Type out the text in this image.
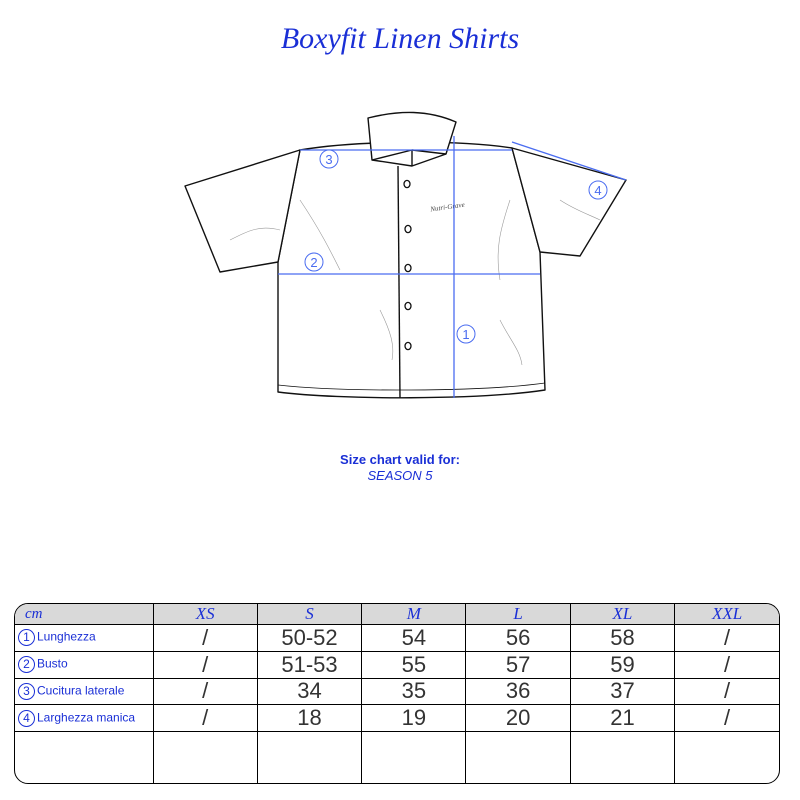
Boxyfit Linen Shirts
Nutri-Grave
1
2
3
4
Size chart valid for:
SEASON 5
cm	XS	S	M	L	XL	XXL
1 Lunghezza	/	50-52	54	56	58	/
2 Busto	/	51-53	55	57	59	/
3 Cucitura laterale	/	34	35	36	37	/
4 Larghezza manica	/	18	19	20	21	/
